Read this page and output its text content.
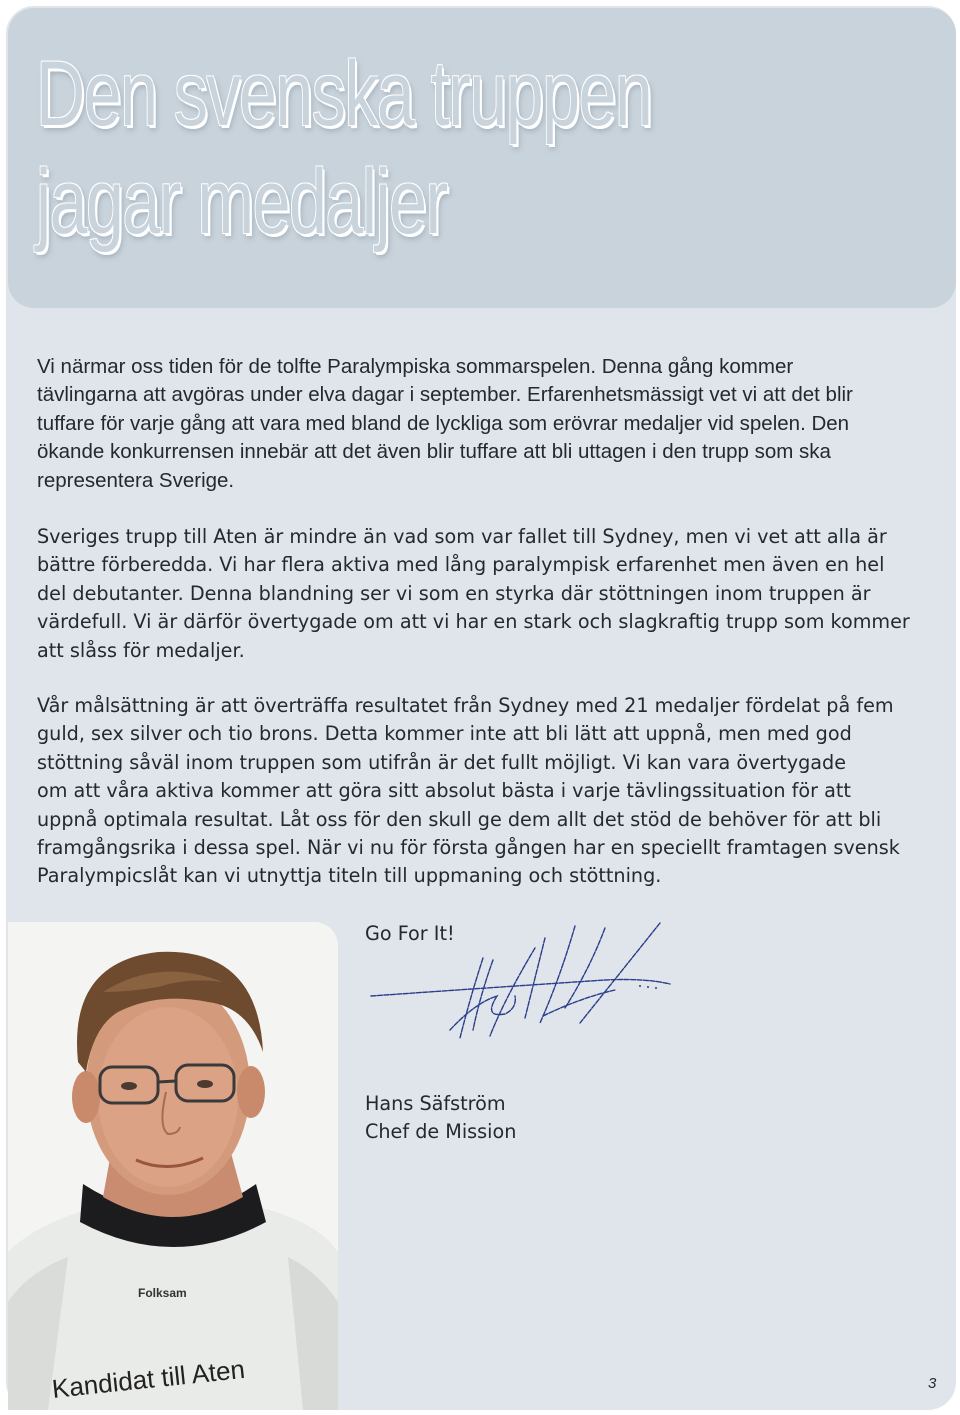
Den svenska truppen
jagar medaljer

Vi närmar oss tiden för de tolfte Paralympiska sommarspelen. Denna gång kommer
tävlingarna att avgöras under elva dagar i september. Erfarenhetsmässigt vet vi att det blir
tuffare för varje gång att vara med bland de lyckliga som erövrar medaljer vid spelen. Den
ökande konkurrensen innebär att det även blir tuffare att bli uttagen i den trupp som ska
representera Sverige.

Sveriges trupp till Aten är mindre än vad som var fallet till Sydney, men vi vet att alla är
bättre förberedda. Vi har flera aktiva med lång paralympisk erfarenhet men även en hel
del debutanter. Denna blandning ser vi som en styrka där stöttningen inom truppen är
värdefull. Vi är därför övertygade om att vi har en stark och slagkraftig trupp som kommer
att slåss för medaljer.

Vår målsättning är att överträffa resultatet från Sydney med 21 medaljer fördelat på fem
guld, sex silver och tio brons. Detta kommer inte att bli lätt att uppnå, men med god
stöttning såväl inom truppen som utifrån är det fullt möjligt. Vi kan vara övertygade
om att våra aktiva kommer att göra sitt absolut bästa i varje tävlingssituation för att
uppnå optimala resultat. Låt oss för den skull ge dem allt det stöd de behöver för att bli
framgångsrika i dessa spel. När vi nu för första gången har en speciellt framtagen svensk
Paralympicslåt kan vi utnyttja titeln till uppmaning och stöttning.

Folksam
Kandidat till Aten

Go For It!

Hans Säfström

Chef de Mission

3
